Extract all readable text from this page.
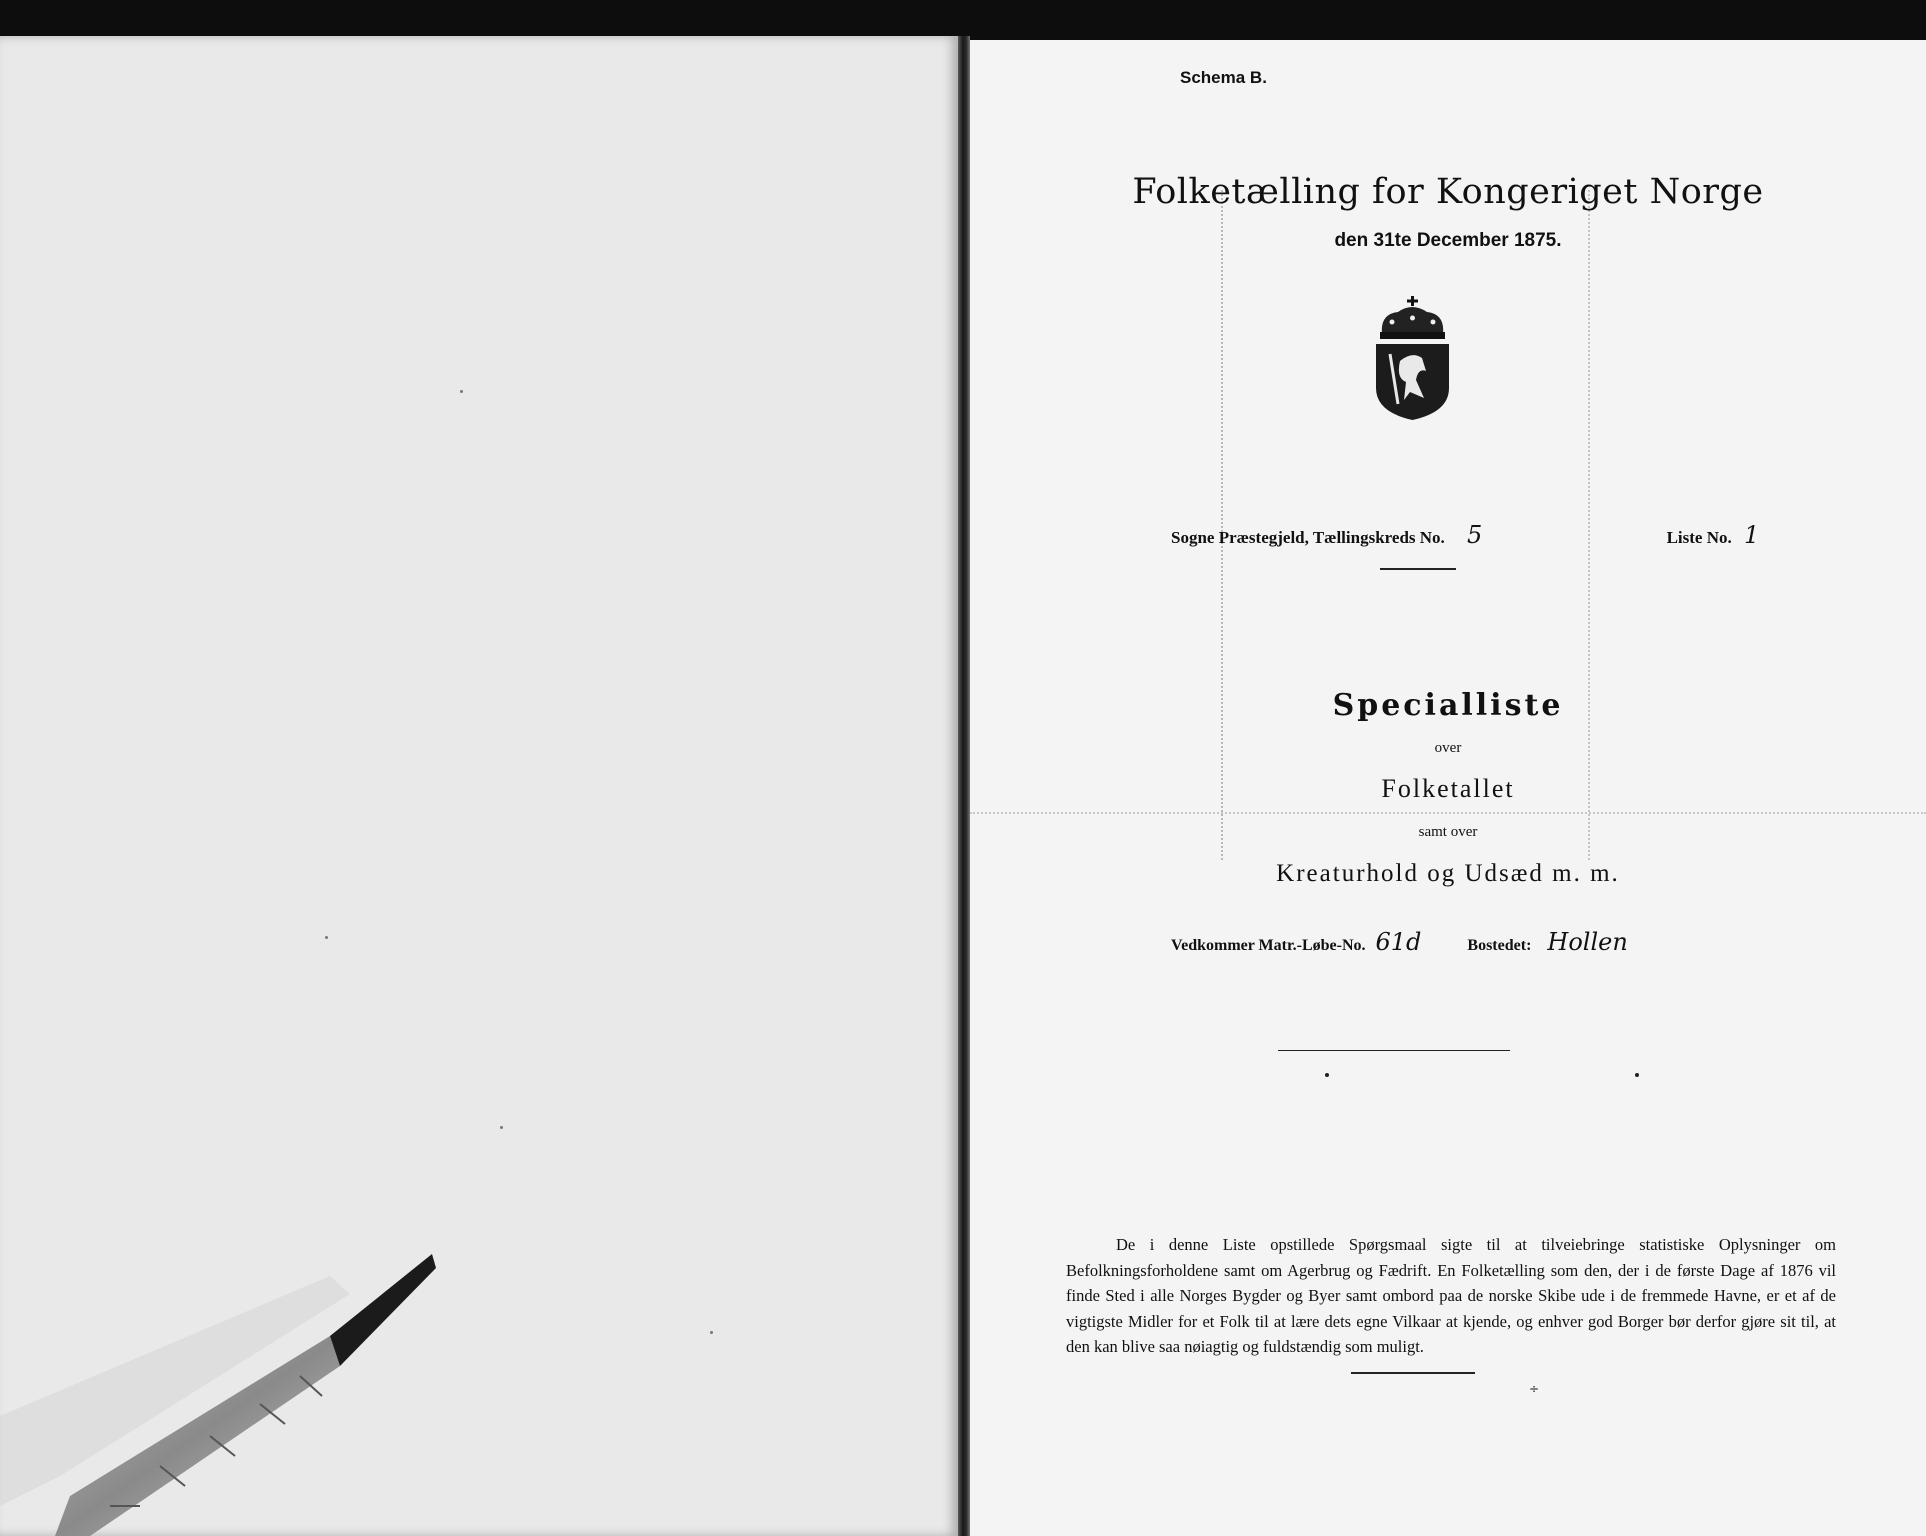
Schema B.
Folketælling for Kongeriget Norge
den 31te December 1875.
Sogne Præstegjeld, Tællingskreds No. 5	Liste No. 1
Specialliste
over
Folketallet
samt over
Kreaturhold og Udsæd m. m.
Vedkommer Matr.-Løbe-No. 61d	Bostedet: Hollen
De i denne Liste opstillede Spørgsmaal sigte til at tilveiebringe statistiske Oplysninger om Befolkningsforholdene samt om Agerbrug og Fædrift. En Folketælling som den, der i de første Dage af 1876 vil finde Sted i alle Norges Bygder og Byer samt ombord paa de norske Skibe ude i de fremmede Havne, er et af de vigtigste Midler for et Folk til at lære dets egne Vilkaar at kjende, og enhver god Borger bør derfor gjøre sit til, at den kan blive saa nøiagtig og fuldstændig som muligt.
÷
